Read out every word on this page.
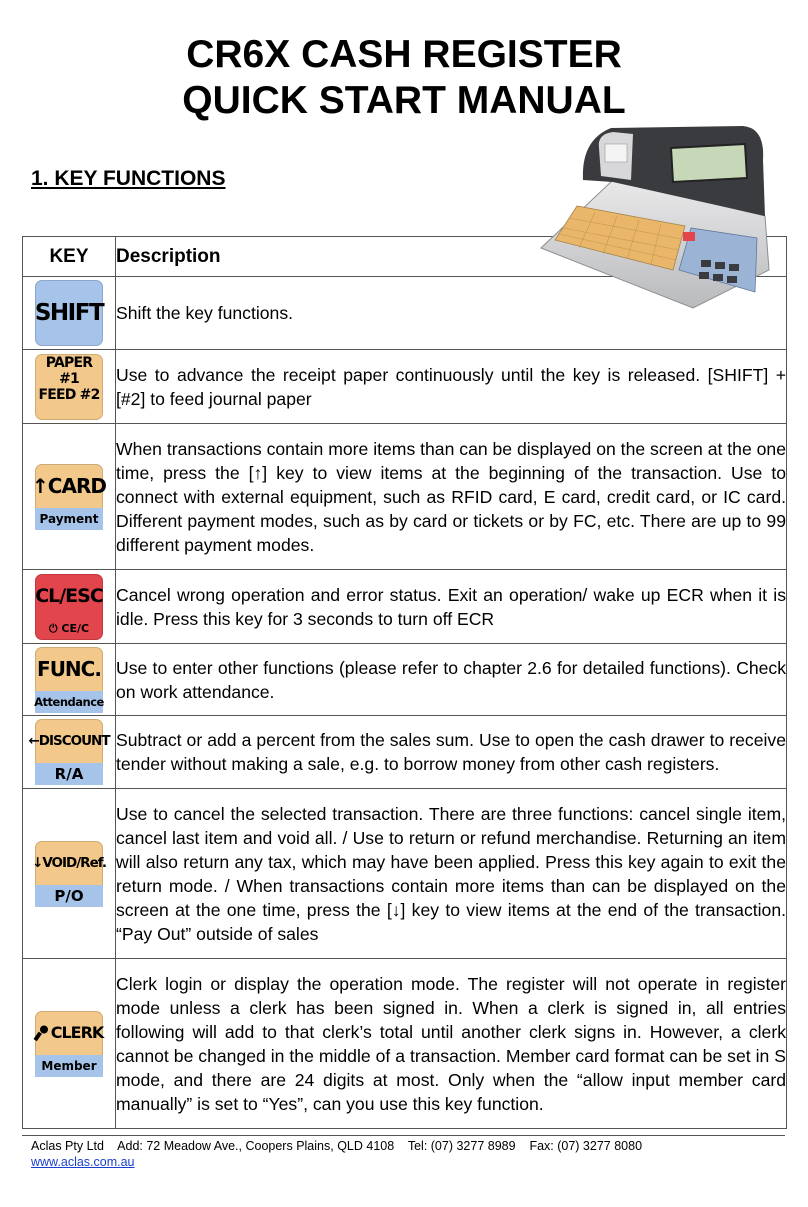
CR6X CASH REGISTER
QUICK START MANUAL
1. KEY FUNCTIONS
KEY	Description

SHIFT	Shift the key functions.

PAPER #1
FEED #2	Use to advance the receipt paper continuously until the key is released. [SHIFT] + [#2] to feed journal paper

↑CARD
Payment	When transactions contain more items than can be displayed on the screen at the one time, press the [↑] key to view items at the beginning of the transaction. Use to connect with external equipment, such as RFID card, E card, credit card, or IC card. Different payment modes, such as by card or tickets or by FC, etc. There are up to 99 different payment modes.

CL/ESC
⏻ CE/C	Cancel wrong operation and error status. Exit an operation/ wake up ECR when it is idle. Press this key for 3 seconds to turn off ECR

FUNC.
Attendance	Use to enter other functions (please refer to chapter 2.6 for detailed functions). Check on work attendance.

←DISCOUNT
R/A	Subtract or add a percent from the sales sum. Use to open the cash drawer to receive tender without making a sale, e.g. to borrow money from other cash registers.

↓VOID/Ref.
P/O	Use to cancel the selected transaction. There are three functions: cancel single item, cancel last item and void all. / Use to return or refund merchandise. Returning an item will also return any tax, which may have been applied. Press this key again to exit the return mode. / When transactions contain more items than can be displayed on the screen at the one time, press the [↓] key to view items at the end of the transaction. “Pay Out” outside of sales

CLERK
Member	Clerk login or display the operation mode. The register will not operate in register mode unless a clerk has been signed in. When a clerk is signed in, all entries following will add to that clerk’s total until another clerk signs in. However, a clerk cannot be changed in the middle of a transaction. Member card format can be set in S mode, and there are 24 digits at most. Only when the “allow input member card manually” is set to “Yes”, can you use this key function.
Aclas Pty Ltd    Add: 72 Meadow Ave., Coopers Plains, QLD 4108    Tel: (07) 3277 8989    Fax: (07) 3277 8080
www.aclas.com.au
